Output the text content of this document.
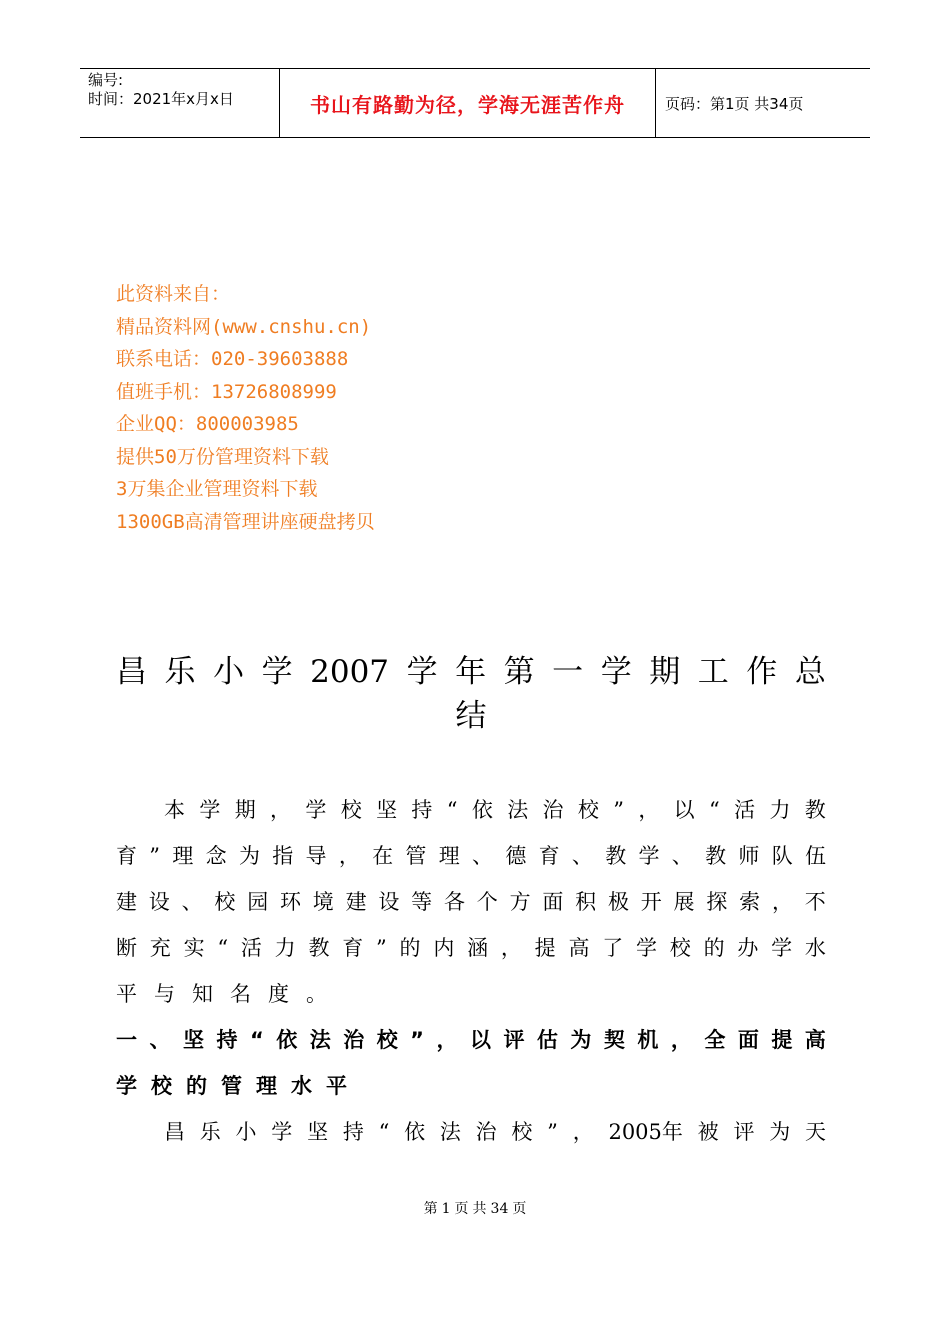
编号:
时间：2021年x月x日	书山有路勤为径，学海无涯苦作舟	页码：第1页 共34页
此资料来自：
精品资料网(www.cnshu.cn)
联系电话：020-39603888
值班手机：13726808999
企业QQ：800003985
提供50万份管理资料下载
3万集企业管理资料下载
1300GB高清管理讲座硬盘拷贝
昌 乐 小 学 2007 学 年 第 一 学 期 工 作 总
结
本 学 期 ， 学 校 坚 持 “ 依 法 治 校 ” ， 以 “ 活 力 教
育 ” 理 念 为 指 导 ， 在 管 理 、 德 育 、 教 学 、 教 师 队 伍
建 设 、 校 园 环 境 建 设 等 各 个 方 面 积 极 开 展 探 索 ， 不
断 充 实 “ 活 力 教 育 ” 的 内 涵 ， 提 高 了 学 校 的 办 学 水
平 与 知 名 度 。
一 、 坚 持 “ 依 法 治 校 ” ， 以 评 估 为 契 机 ， 全 面 提 高
学 校 的 管 理 水 平
昌 乐 小 学 坚 持 “ 依 法 治 校 ” ， 2005年 被 评 为 天
第 1 页 共 34 页
